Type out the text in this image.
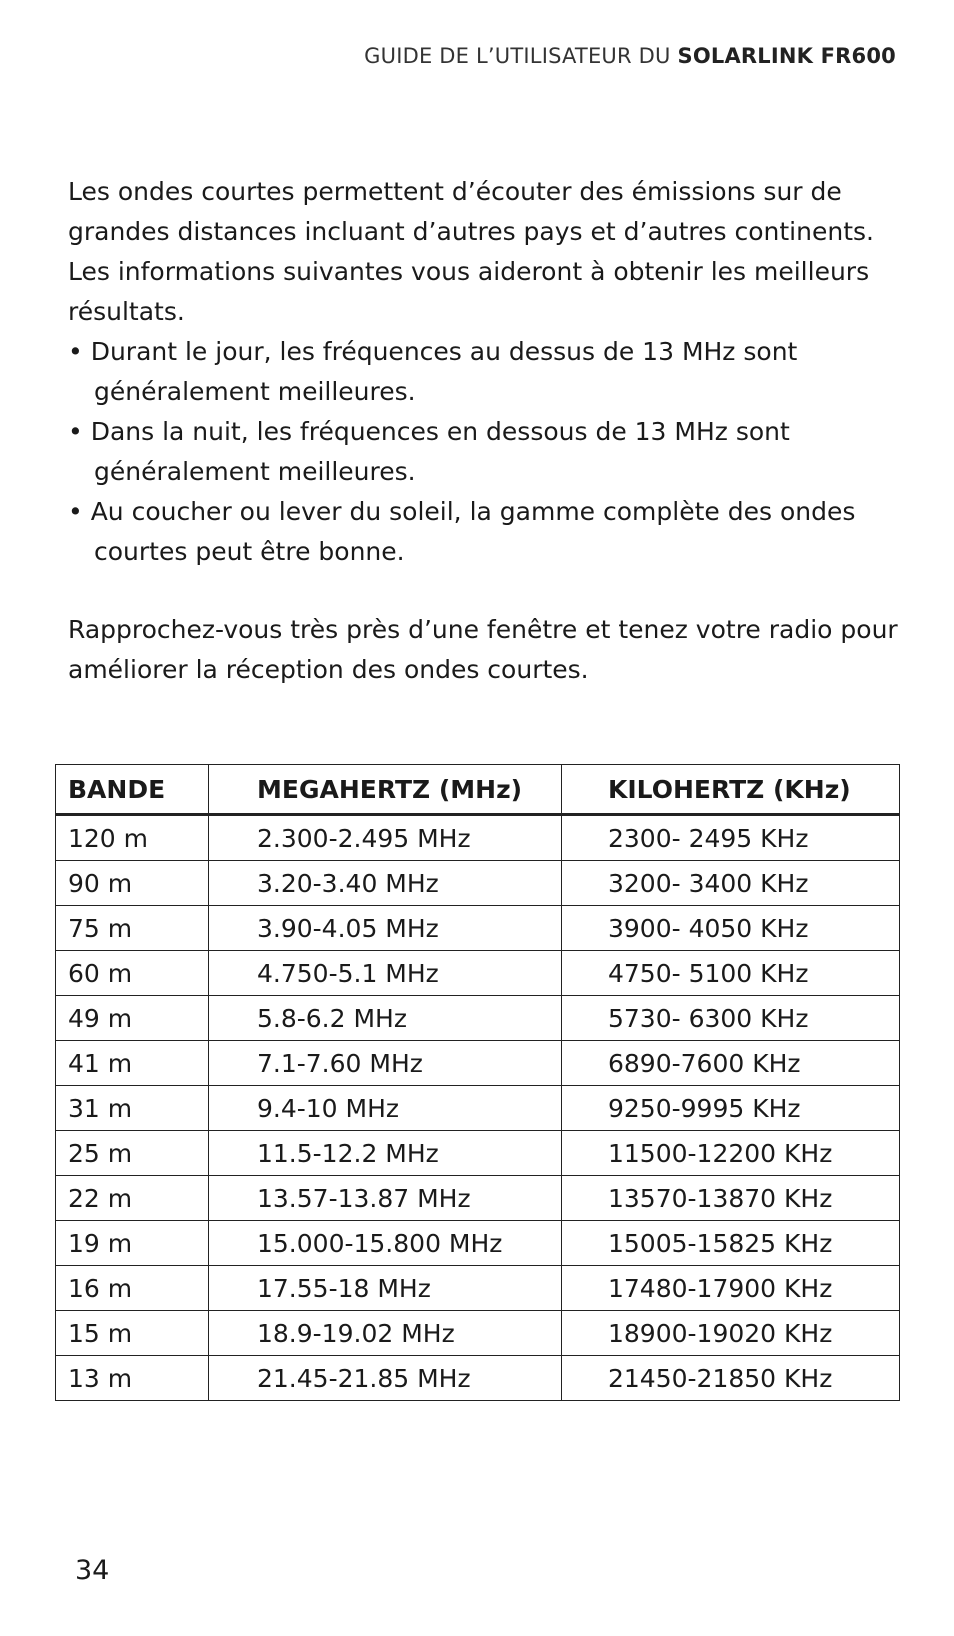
GUIDE DE L’UTILISATEUR DU SOLARLINK FR600

Les ondes courtes permettent d’écouter des émissions sur de grandes distances incluant d’autres pays et d’autres continents. Les informations suivantes vous aideront à obtenir les meilleurs résultats.

• Durant le jour, les fréquences au dessus de 13 MHz sont généralement meilleures.
• Dans la nuit, les fréquences en dessous de 13 MHz sont généralement meilleures.
• Au coucher ou lever du soleil, la gamme complète des ondes courtes peut être bonne.

Rapprochez-vous très près d’une fenêtre et tenez votre radio pour améliorer la réception des ondes courtes.

BANDE	MEGAHERTZ (MHz)	KILOHERTZ (KHz)
120 m	2.300-2.495 MHz	2300- 2495 KHz
90 m	3.20-3.40 MHz	3200- 3400 KHz
75 m	3.90-4.05 MHz	3900- 4050 KHz
60 m	4.750-5.1 MHz	4750- 5100 KHz
49 m	5.8-6.2 MHz	5730- 6300 KHz
41 m	7.1-7.60 MHz	6890-7600 KHz
31 m	9.4-10 MHz	9250-9995 KHz
25 m	11.5-12.2 MHz	11500-12200 KHz
22 m	13.57-13.87 MHz	13570-13870 KHz
19 m	15.000-15.800 MHz	15005-15825 KHz
16 m	17.55-18 MHz	17480-17900 KHz
15 m	18.9-19.02 MHz	18900-19020 KHz
13 m	21.45-21.85 MHz	21450-21850 KHz
34
